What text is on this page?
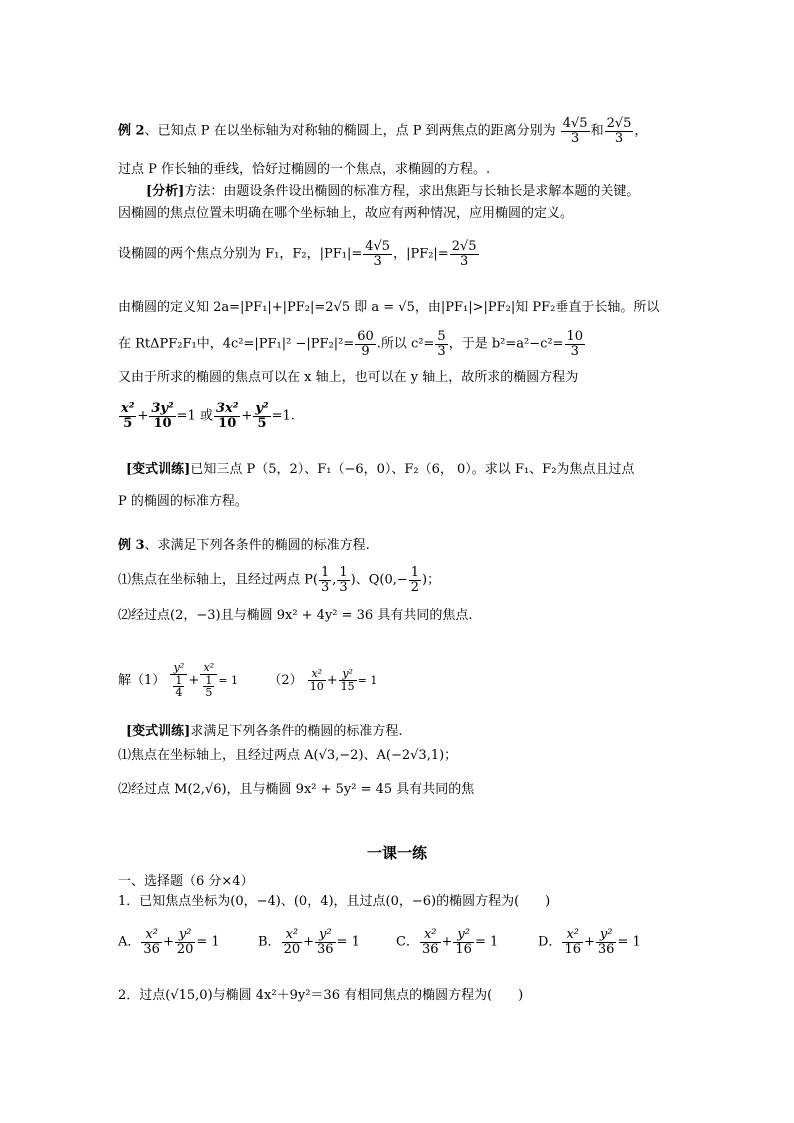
例 2、已知点 P 在以坐标轴为对称轴的椭圆上，点 P 到两焦点的距离分别为 $\frac{4√5}{3}$ 和 $\frac{2√5}{3}$ ，
过点 P 作长轴的垂线，恰好过椭圆的一个焦点，求椭圆的方程。.
[分析]方法：由题设条件设出椭圆的标准方程，求出焦距与长轴长是求解本题的关键。
因椭圆的焦点位置未明确在哪个坐标轴上，故应有两种情况，应用椭圆的定义。
设椭圆的两个焦点分别为 F₁，F₂，$|PF_1|= \frac{4√5}{3}$ ，$|PF_2|= \frac{2√5}{3}$
由椭圆的定义知 2a=|PF₁|+|PF₂|=2√5 即 a = √5，由|PF₁|>|PF₂|知 PF₂垂直于长轴。所以
在 RtΔPF₂F₁中，$4c^2=|PF_1|^2 -|PF_2|^2= \frac{60}{9}$ .所以 $c^2= \frac{5}{3}$ ，于是 $b^2=a^2-c^2= \frac{10}{3}$
又由于所求的椭圆的焦点可以在 x 轴上，也可以在 y 轴上，故所求的椭圆方程为
$\frac{\text{x²}}{5} + \frac{\text{3y²}}{10} =1$ 或 $\frac{\text{3x²}}{10} + \frac{\text{y²}}{5} =1$.
[变式训练]已知三点 P（5，2）、F₁（−6，0）、F₂（6， 0）。求以 F₁、F₂为焦点且过点
P 的椭圆的标准方程。
例 3、求满足下列各条件的椭圆的标准方程.
⑴焦点在坐标轴上，且经过两点 $P( \frac{1}{3}$ , $\frac{1}{3}$ )、$Q(0,- \frac{1}{2}$ )；
⑵经过点(2，−3)且与椭圆 9x² + 4y² = 36 具有共同的焦点.
解$(1) \frac{\text{y²}}{\frac{1}{4}} + \frac{\text{x²}}{\frac{1}{5}} = 1$ $(2) \frac{\text{x²}}{10} + \frac{\text{y²}}{15} = 1$
[变式训练]求满足下列各条件的椭圆的标准方程.
⑴焦点在坐标轴上，且经过两点 A(√3,−2)、A(−2√3,1)；
⑵经过点 M(2,√6)，且与椭圆 9x² + 5y² = 45 具有共同的焦
一课一练
一、选择题（6 分×4）
1．已知焦点坐标为(0，−4)、(0，4)，且过点(0，−6)的椭圆方程为(　　)
A． $\frac{\text{x²}}{36} + \frac{\text{y²}}{20} = 1$	B． $\frac{\text{x²}}{20} + \frac{\text{y²}}{36} = 1$	C． $\frac{\text{x²}}{36} + \frac{\text{y²}}{16} = 1$	D． $\frac{\text{x²}}{16} + \frac{\text{y²}}{36} = 1$
2．过点(√15,0)与椭圆 4x²＋9y²＝36 有相同焦点的椭圆方程为(　　)
